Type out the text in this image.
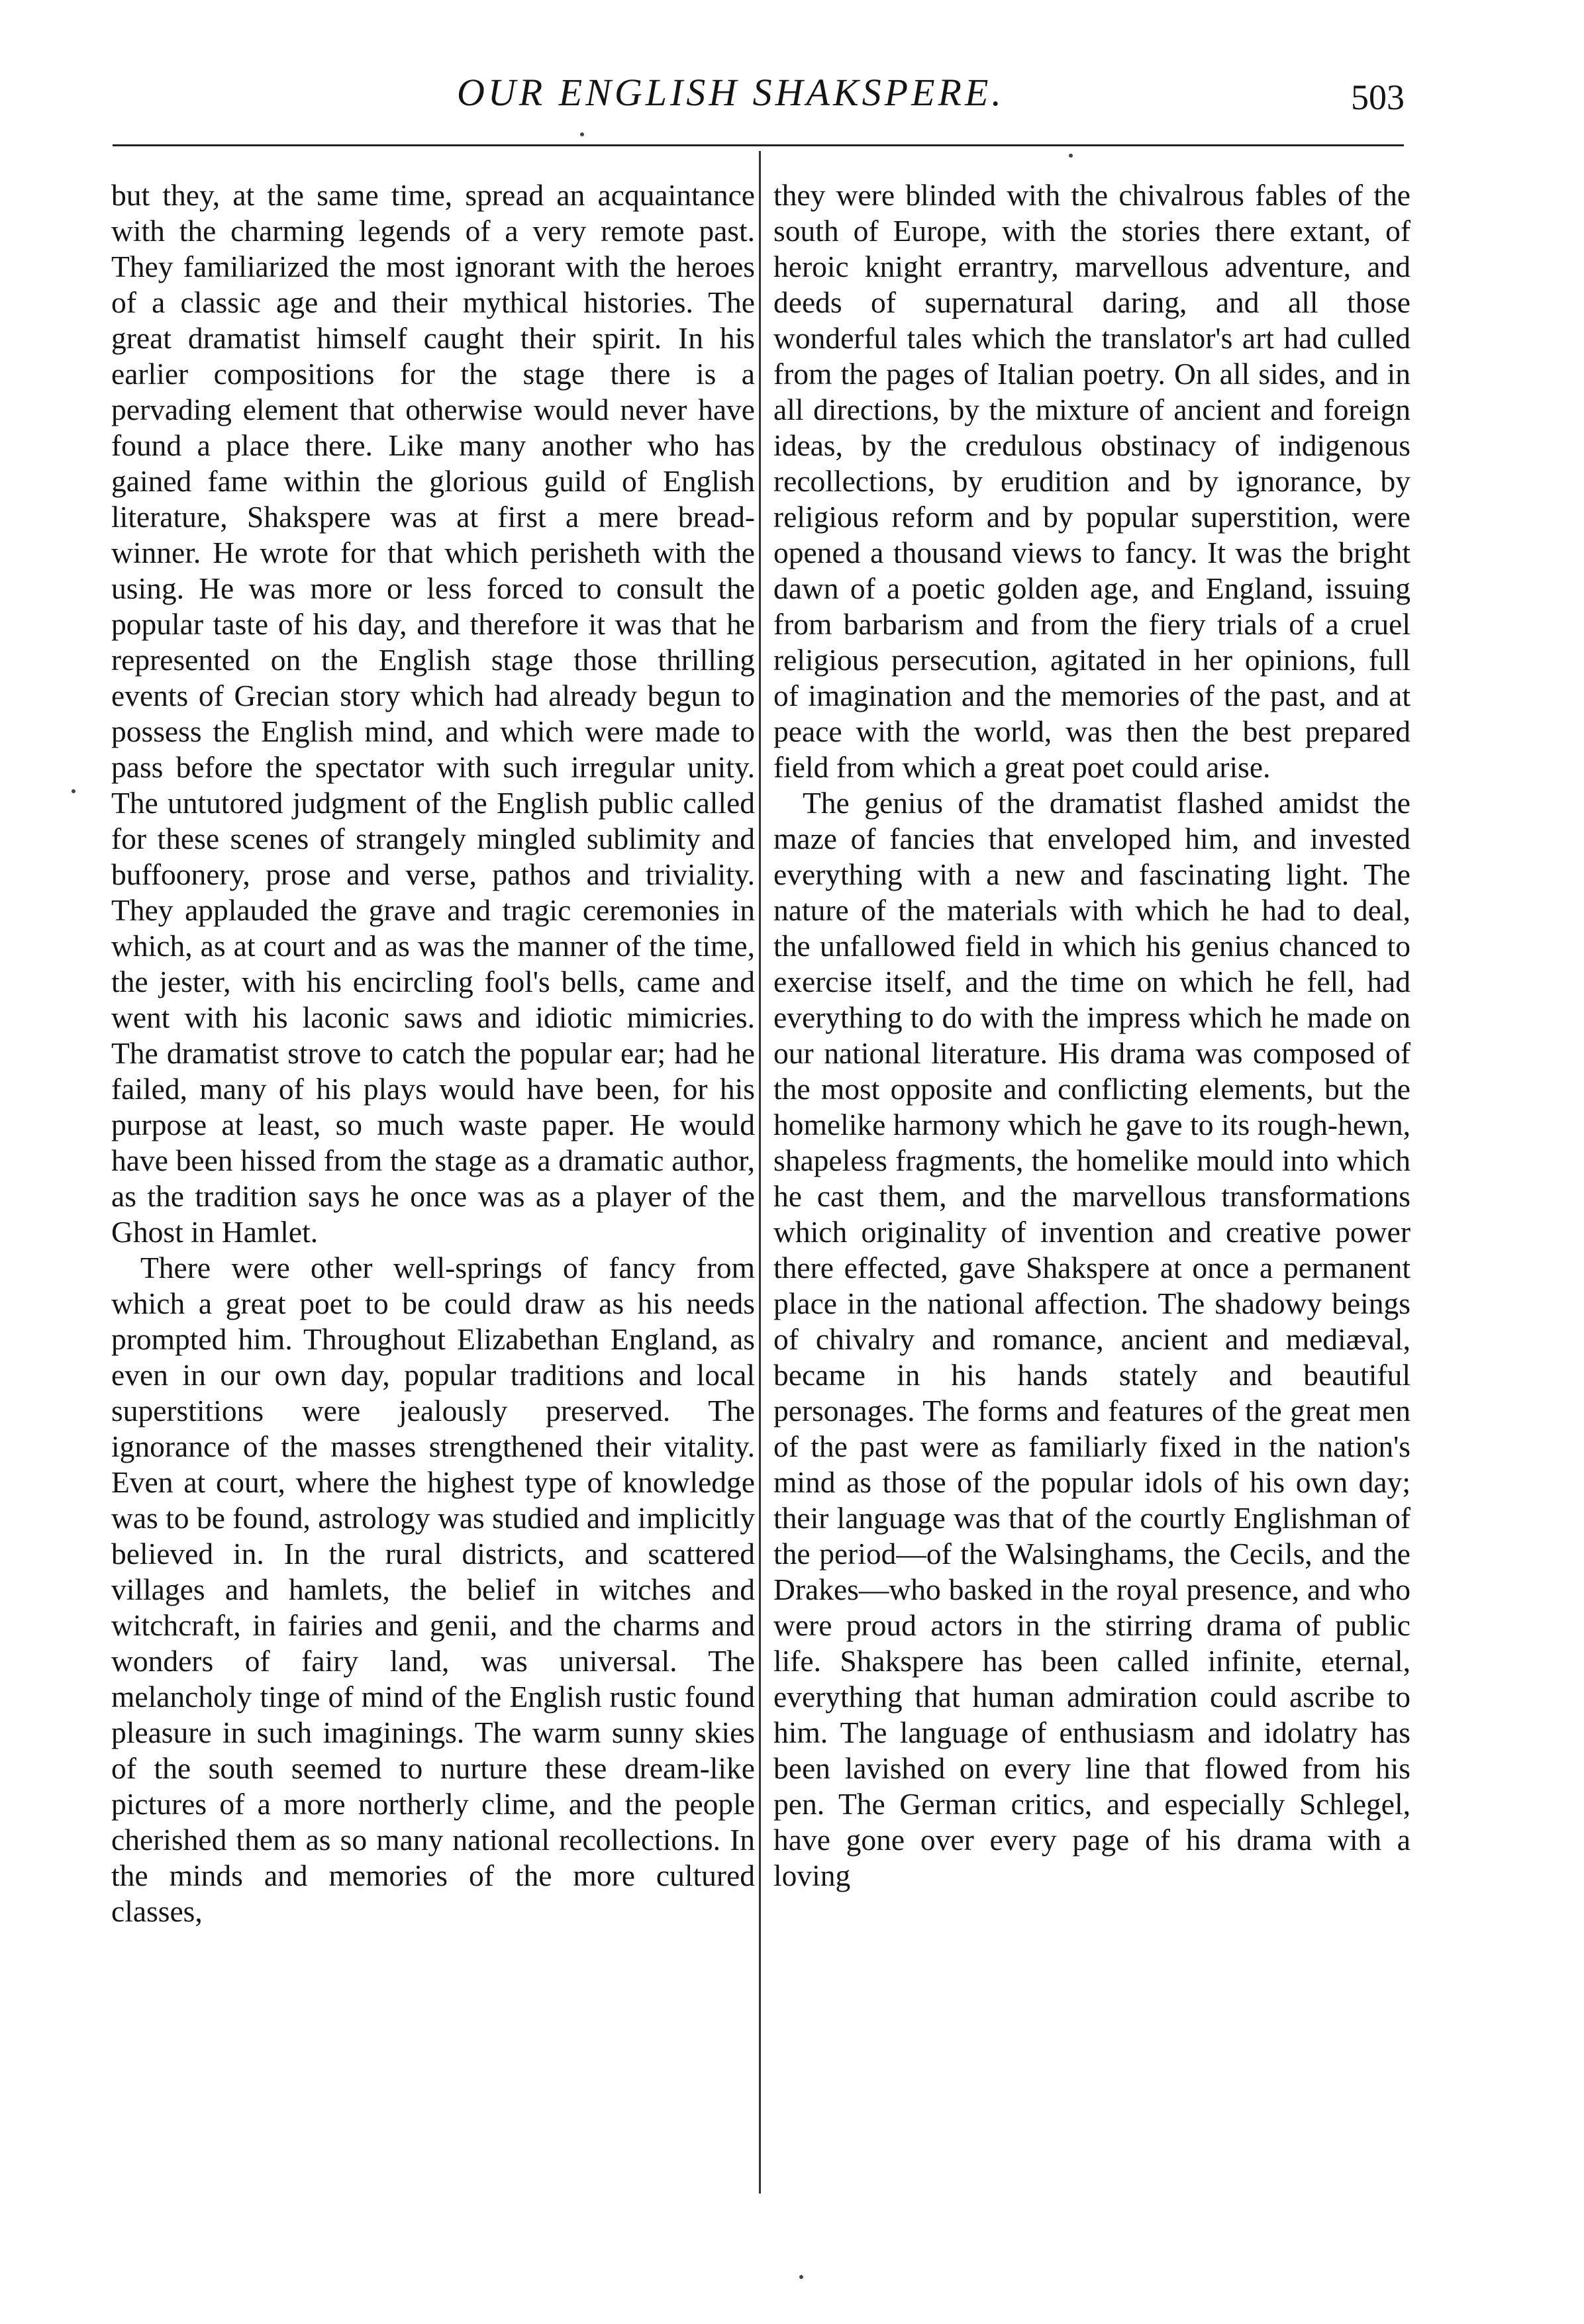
OUR ENGLISH SHAKSPERE.	503

but they, at the same time, spread an acquaintance with the charming legends of a very remote past. They familiarized the most ignorant with the heroes of a classic age and their mythical histories. The great dramatist himself caught their spirit. In his earlier compositions for the stage there is a pervading element that otherwise would never have found a place there. Like many another who has gained fame within the glorious guild of English literature, Shakspere was at first a mere bread-winner. He wrote for that which perisheth with the using. He was more or less forced to consult the popular taste of his day, and therefore it was that he represented on the English stage those thrilling events of Grecian story which had already begun to possess the English mind, and which were made to pass before the spectator with such irregular unity. The untutored judgment of the English public called for these scenes of strangely mingled sublimity and buffoonery, prose and verse, pathos and triviality. They applauded the grave and tragic ceremonies in which, as at court and as was the manner of the time, the jester, with his encircling fool's bells, came and went with his laconic saws and idiotic mimicries. The dramatist strove to catch the popular ear; had he failed, many of his plays would have been, for his purpose at least, so much waste paper. He would have been hissed from the stage as a dramatic author, as the tradition says he once was as a player of the Ghost in Hamlet.

There were other well-springs of fancy from which a great poet to be could draw as his needs prompted him. Throughout Elizabethan England, as even in our own day, popular traditions and local superstitions were jealously preserved. The ignorance of the masses strengthened their vitality. Even at court, where the highest type of knowledge was to be found, astrology was studied and implicitly believed in. In the rural districts, and scattered villages and hamlets, the belief in witches and witchcraft, in fairies and genii, and the charms and wonders of fairy land, was universal. The melancholy tinge of mind of the English rustic found pleasure in such imaginings. The warm sunny skies of the south seemed to nurture these dream-like pictures of a more northerly clime, and the people cherished them as so many national recollections. In the minds and memories of the more cultured classes,

they were blinded with the chivalrous fables of the south of Europe, with the stories there extant, of heroic knight errantry, marvellous adventure, and deeds of supernatural daring, and all those wonderful tales which the translator's art had culled from the pages of Italian poetry. On all sides, and in all directions, by the mixture of ancient and foreign ideas, by the credulous obstinacy of indigenous recollections, by erudition and by ignorance, by religious reform and by popular superstition, were opened a thousand views to fancy. It was the bright dawn of a poetic golden age, and England, issuing from barbarism and from the fiery trials of a cruel religious persecution, agitated in her opinions, full of imagination and the memories of the past, and at peace with the world, was then the best prepared field from which a great poet could arise.

The genius of the dramatist flashed amidst the maze of fancies that enveloped him, and invested everything with a new and fascinating light. The nature of the materials with which he had to deal, the unfallowed field in which his genius chanced to exercise itself, and the time on which he fell, had everything to do with the impress which he made on our national literature. His drama was composed of the most opposite and conflicting elements, but the homelike harmony which he gave to its rough-hewn, shapeless fragments, the homelike mould into which he cast them, and the marvellous transformations which originality of invention and creative power there effected, gave Shakspere at once a permanent place in the national affection. The shadowy beings of chivalry and romance, ancient and mediæval, became in his hands stately and beautiful personages. The forms and features of the great men of the past were as familiarly fixed in the nation's mind as those of the popular idols of his own day; their language was that of the courtly Englishman of the period—of the Walsinghams, the Cecils, and the Drakes—who basked in the royal presence, and who were proud actors in the stirring drama of public life. Shakspere has been called infinite, eternal, everything that human admiration could ascribe to him. The language of enthusiasm and idolatry has been lavished on every line that flowed from his pen. The German critics, and especially Schlegel, have gone over every page of his drama with a loving
